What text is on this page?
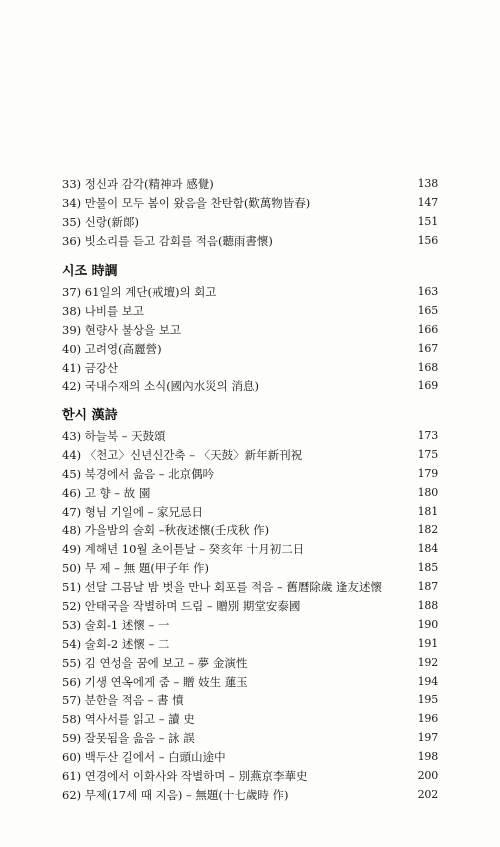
33) 정신과 감각(精神과 感覺)	138
34) 만물이 모두 봄이 왔음을 찬탄함(歎萬物皆春)	147
35) 신랑(新郞)	151
36) 빗소리를 듣고 감회를 적음(聽雨書懷)	156
시조 時調
37) 61일의 계단(戒壇)의 회고	163
38) 나비를 보고	165
39) 현량사 불상을 보고	166
40) 고려영(高麗營)	167
41) 금강산	168
42) 국내수재의 소식(國內水災의 消息)	169
한시 漢詩
43) 하늘북 – 天鼓頌	173
44) 〈천고〉신년신간축 – 〈天鼓〉新年新刊祝	175
45) 북경에서 읊음 – 北京偶吟	179
46) 고 향 – 故 園	180
47) 형님 기일에 – 家兄忌日	181
48) 가을밤의 술회 –秋夜述懷(壬戌秋 作)	182
49) 계해년 10월 초이튿날 – 癸亥年 十月初二日	184
50) 무 제 – 無 題(甲子年 作)	185
51) 선달 그믐날 밤 벗을 만나 회포를 적음 – 舊曆除歲 逢友述懷	187
52) 안태국을 작별하며 드림 – 贈別 期堂安泰國	188
53) 술회-1 述懷 – 一	190
54) 술회-2 述懷 – 二	191
55) 김 연성을 꿈에 보고 – 夢 金演性	192
56) 기생 연옥에게 줌 – 贈 妓生 蓮玉	194
57) 분한을 적음 – 書 憤	195
58) 역사서를 읽고 – 讀 史	196
59) 잘못됨을 읊음 – 詠 誤	197
60) 백두산 길에서 – 白頭山途中	198
61) 연경에서 이화사와 작별하며 – 別燕京李華史	200
62) 무제(17세 때 지음) – 無題(十七歲時 作)	202
